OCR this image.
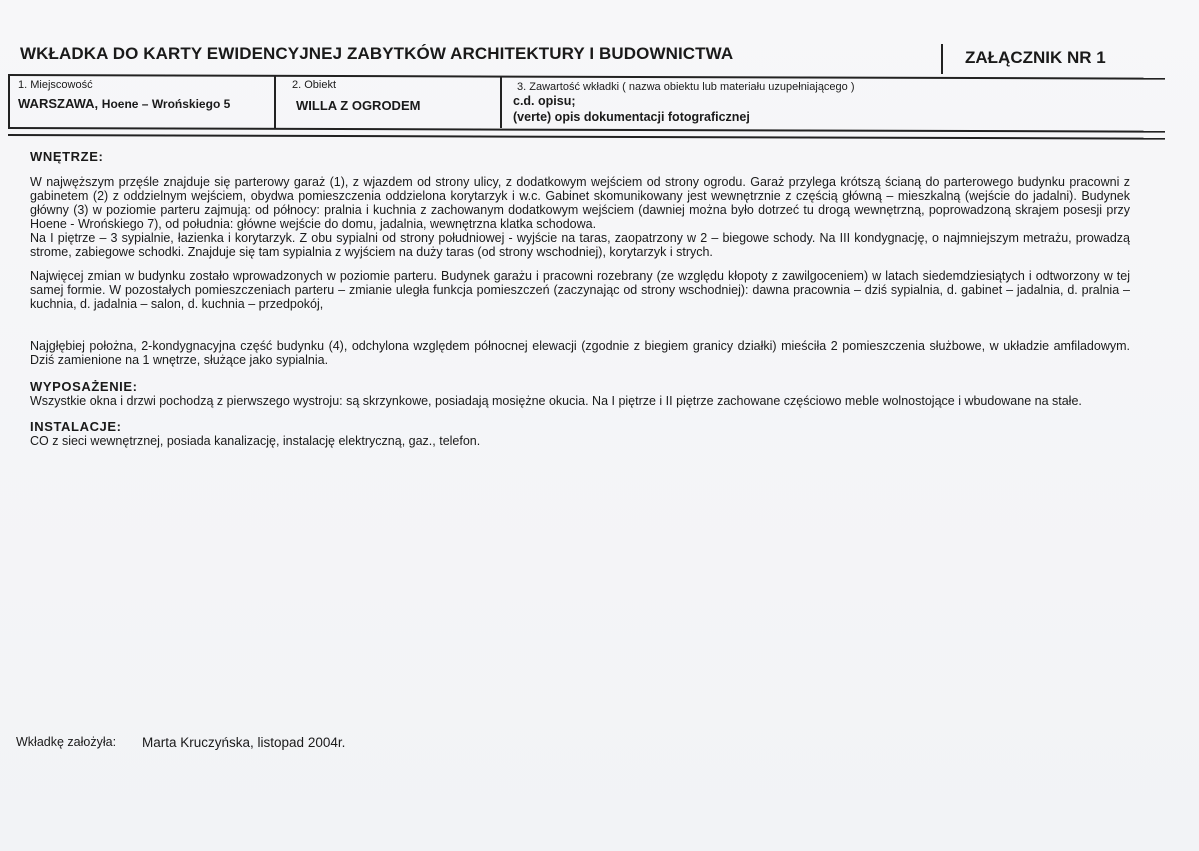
WKŁADKA DO KARTY EWIDENCYJNEJ ZABYTKÓW ARCHITEKTURY I BUDOWNICTWA	ZAŁĄCZNIK NR 1
1. Miejscowość
WARSZAWA, Hoene – Wrońskiego 5
2. Obiekt
WILLA Z OGRODEM
3. Zawartość wkładki ( nazwa obiektu lub materiału uzupełniającego )
c.d. opisu;
(verte) opis dokumentacji fotograficznej

WNĘTRZE:

W najwęższym przęśle znajduje się parterowy garaż (1), z wjazdem od strony ulicy, z dodatkowym wejściem od strony ogrodu. Garaż przylega krótszą ścianą do parterowego budynku pracowni z gabinetem (2) z oddzielnym wejściem, obydwa pomieszczenia oddzielona korytarzyk i w.c. Gabinet skomunikowany jest wewnętrznie z częścią główną – mieszkalną (wejście do jadalni). Budynek główny (3) w poziomie parteru zajmują: od północy: pralnia i kuchnia z zachowanym dodatkowym wejściem (dawniej można było dotrzeć tu drogą wewnętrzną, poprowadzoną skrajem posesji przy Hoene - Wrońskiego 7), od południa: główne wejście do domu, jadalnia, wewnętrzna klatka schodowa.

Na I piętrze – 3 sypialnie, łazienka i korytarzyk. Z obu sypialni od strony południowej - wyjście na taras, zaopatrzony w 2 – biegowe schody. Na III kondygnację, o najmniejszym metrażu, prowadzą strome, zabiegowe schodki. Znajduje się tam sypialnia z wyjściem na duży taras (od strony wschodniej), korytarzyk i strych.

Najwięcej zmian w budynku zostało wprowadzonych w poziomie parteru. Budynek garażu i pracowni rozebrany (ze względu kłopoty z zawilgoceniem) w latach siedemdziesiątych i odtworzony w tej samej formie. W pozostałych pomieszczeniach parteru – zmianie uległa funkcja pomieszczeń (zaczynając od strony wschodniej): dawna pracownia – dziś sypialnia, d. gabinet – jadalnia, d. pralnia – kuchnia, d. jadalnia – salon, d. kuchnia – przedpokój,

Najgłębiej położna, 2-kondygnacyjna część budynku (4), odchylona względem północnej elewacji (zgodnie z biegiem granicy działki) mieściła 2 pomieszczenia służbowe, w układzie amfiladowym. Dziś zamienione na 1 wnętrze, służące jako sypialnia.

WYPOSAŻENIE:

Wszystkie okna i drzwi pochodzą z pierwszego wystroju: są skrzynkowe, posiadają mosiężne okucia. Na I piętrze i II piętrze zachowane częściowo meble wolnostojące i wbudowane na stałe.

INSTALACJE:

CO z sieci wewnętrznej, posiada kanalizację, instalację elektryczną, gaz., telefon.

Wkładkę założyła: Marta Kruczyńska, listopad 2004r.
